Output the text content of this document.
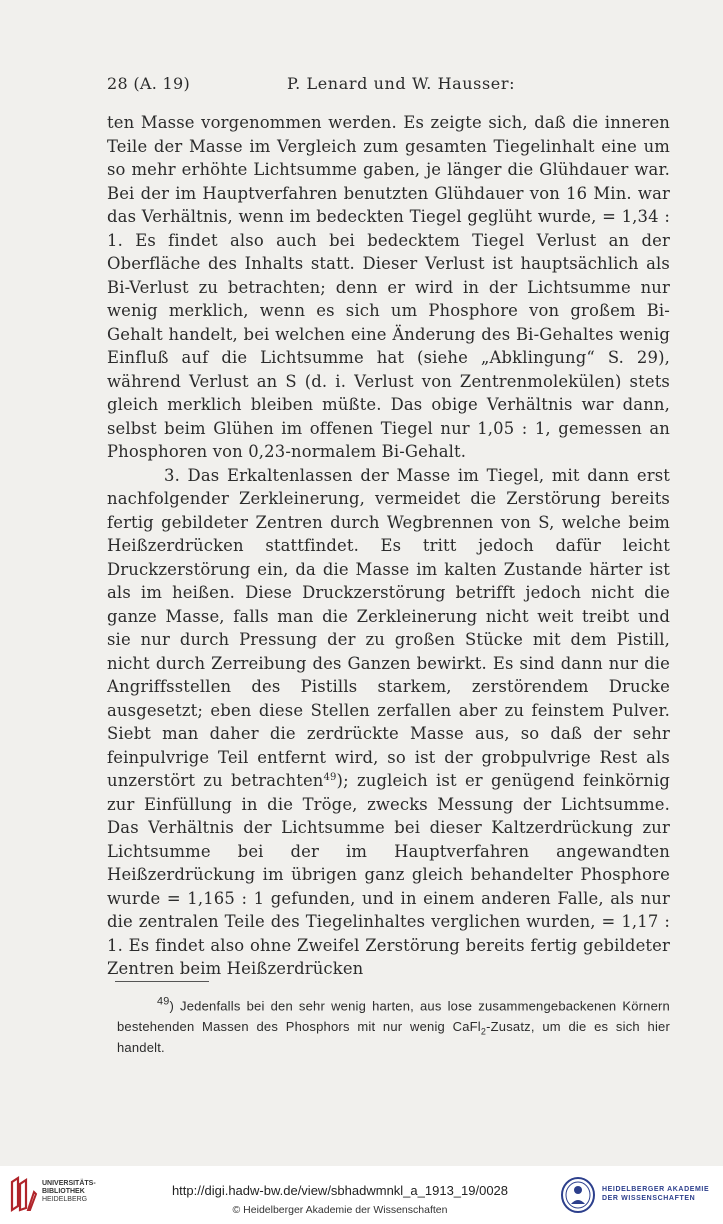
28 (A. 19)	P. Lenard und W. Hausser:

ten Masse vorgenommen werden. Es zeigte sich, daß die inneren Teile der Masse im Vergleich zum gesamten Tiegelinhalt eine um so mehr erhöhte Lichtsumme gaben, je länger die Glühdauer war. Bei der im Hauptverfahren benutzten Glühdauer von 16 Min. war das Verhältnis, wenn im bedeckten Tiegel geglüht wurde, = 1,34 : 1. Es findet also auch bei bedecktem Tiegel Verlust an der Oberfläche des Inhalts statt. Dieser Verlust ist hauptsächlich als Bi-Verlust zu betrachten; denn er wird in der Lichtsumme nur wenig merklich, wenn es sich um Phosphore von großem Bi-Gehalt handelt, bei welchen eine Änderung des Bi-Gehaltes wenig Einfluß auf die Lichtsumme hat (siehe „Abklingung“ S. 29), während Verlust an S (d. i. Verlust von Zentrenmolekülen) stets gleich merklich bleiben müßte. Das obige Verhältnis war dann, selbst beim Glühen im offenen Tiegel nur 1,05 : 1, gemessen an Phosphoren von 0,23-normalem Bi-Gehalt.

3. Das Erkaltenlassen der Masse im Tiegel, mit dann erst nachfolgender Zerkleinerung, vermeidet die Zerstörung bereits fertig gebildeter Zentren durch Wegbrennen von S, welche beim Heißzerdrücken stattfindet. Es tritt jedoch dafür leicht Druckzerstörung ein, da die Masse im kalten Zustande härter ist als im heißen. Diese Druckzerstörung betrifft jedoch nicht die ganze Masse, falls man die Zerkleinerung nicht weit treibt und sie nur durch Pressung der zu großen Stücke mit dem Pistill, nicht durch Zerreibung des Ganzen bewirkt. Es sind dann nur die Angriffsstellen des Pistills starkem, zerstörendem Drucke ausgesetzt; eben diese Stellen zerfallen aber zu feinstem Pulver. Siebt man daher die zerdrückte Masse aus, so daß der sehr feinpulvrige Teil entfernt wird, so ist der grobpulvrige Rest als unzerstört zu betrachten$^{49}$); zugleich ist er genügend feinkörnig zur Einfüllung in die Tröge, zwecks Messung der Lichtsumme. Das Verhältnis der Lichtsumme bei dieser Kaltzerdrückung zur Lichtsumme bei der im Hauptverfahren angewandten Heißzerdrückung im übrigen ganz gleich behandelter Phosphore wurde = 1,165 : 1 gefunden, und in einem anderen Falle, als nur die zentralen Teile des Tiegelinhaltes verglichen wurden, = 1,17 : 1. Es findet also ohne Zweifel Zerstörung bereits fertig gebildeter Zentren beim Heißzerdrücken

$^{49}$) Jedenfalls bei den sehr wenig harten, aus lose zusammengebackenen Körnern bestehenden Massen des Phosphors mit nur wenig CaFl$_2$-Zusatz, um die es sich hier handelt.
UNIVERSITÄTS-
BIBLIOTHEK
HEIDELBERG
http://digi.hadw-bw.de/view/sbhadwmnkl_a_1913_19/0028
© Heidelberger Akademie der Wissenschaften
HEIDELBERGER AKADEMIE
DER WISSENSCHAFTEN
